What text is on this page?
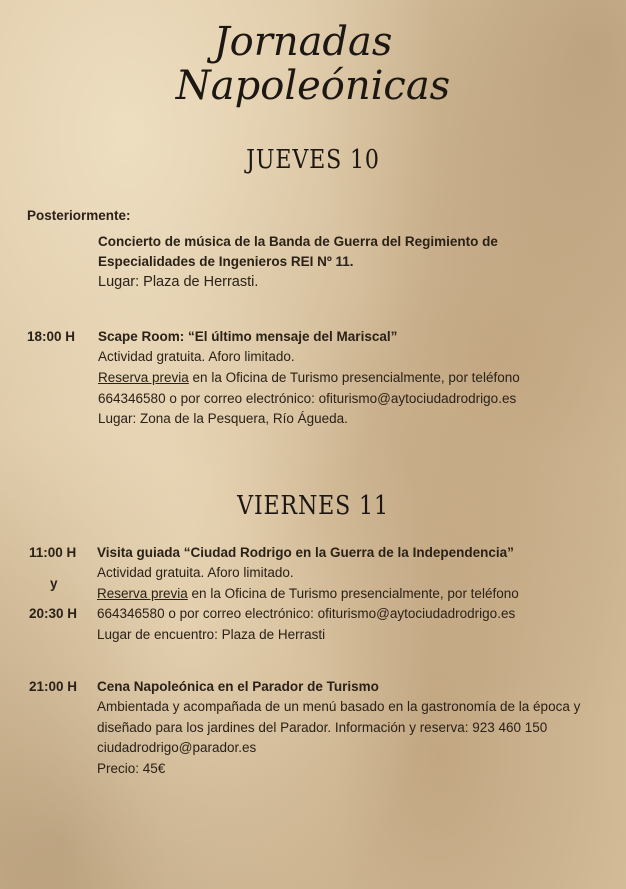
Jornadas
Napoleónicas
JUEVES 10
Posteriormente:
Concierto de música de la Banda de Guerra del Regimiento de
Especialidades de Ingenieros REI Nº 11.
Lugar: Plaza de Herrasti.
18:00 H Scape Room: “El último mensaje del Mariscal”
Actividad gratuita. Aforo limitado.
Reserva previa en la Oficina de Turismo presencialmente, por teléfono
664346580 o por correo electrónico: ofiturismo@aytociudadrodrigo.es
Lugar: Zona de la Pesquera, Río Águeda.
VIERNES 11
11:00 H
y
20:30 H
Visita guiada “Ciudad Rodrigo en la Guerra de la Independencia”
Actividad gratuita. Aforo limitado.
Reserva previa en la Oficina de Turismo presencialmente, por teléfono
664346580 o por correo electrónico: ofiturismo@aytociudadrodrigo.es
Lugar de encuentro: Plaza de Herrasti
21:00 H Cena Napoleónica en el Parador de Turismo
Ambientada y acompañada de un menú basado en la gastronomía de la época y
diseñado para los jardines del Parador. Información y reserva: 923 460 150
ciudadrodrigo@parador.es
Precio: 45€
